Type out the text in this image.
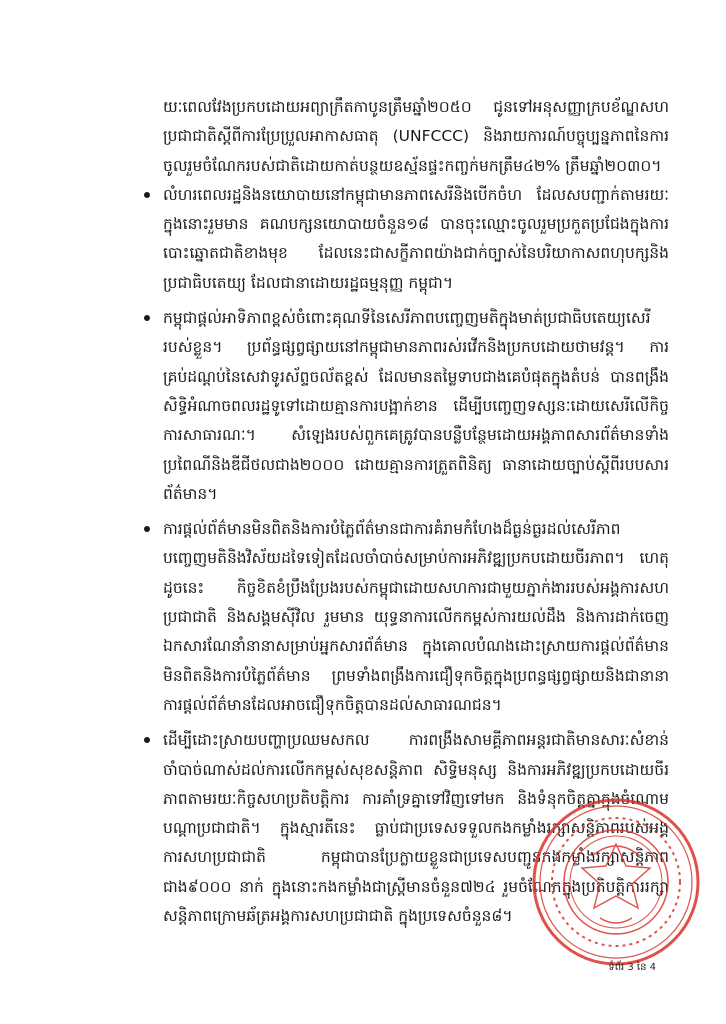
យៈពេលវែងប្រកបដោយអព្យាក្រឹតកាបូនត្រឹមឆ្នាំ២០៥០ ជូនទៅអនុសញ្ញាក្របខ័ណ្ឌសហប្រជាជាតិស្តីពីការប្រែប្រួលអាកាសធាតុ (UNFCCC) និងរាយការណ៍បច្ចុប្បន្នភាពនៃការចូលរួមចំណែករបស់ជាតិដោយកាត់បន្ថយឧស្ម័នផ្ទះកញ្ចក់មកត្រឹម៤២% ត្រឹមឆ្នាំ២០៣០។

លំហរពេលរដ្ឋនិងនយោបាយនៅកម្ពុជាមានភាពសេរីនិងបើកចំហ ដែលសបញ្ជាក់តាមរយៈ ក្នុងនោះរួមមាន គណបក្សនយោបាយចំនួន១៨ បានចុះឈ្មោះចូលរួមប្រកួតប្រជែងក្នុងការបោះឆ្នោតជាតិខាងមុខ ដែលនេះជាសក្ខីភាពយ៉ាងជាក់ច្បាស់នៃបរិយាកាសពហុបក្សនិងប្រជាធិបតេយ្យ ដែលជានាដោយរដ្ឋធម្មនុញ្ញ កម្ពុជា។
កម្ពុជាផ្តល់អាទិភាពខ្ពស់ចំពោះគុណទីនៃសេរីភាពបញ្ចេញមតិក្នុងមាត់ប្រជាធិបតេយ្យសេរីរបស់ខ្លួន។ ប្រព័ន្ធផ្សព្វផ្សាយនៅកម្ពុជាមានភាពរស់រវើកនិងប្រកបដោយថាមវន្ត។ ការគ្រប់ដណ្តប់នៃសេវាទូរស័ព្ទចល័តខ្ពស់ ដែលមានតម្លៃទាបជាងគេបំផុតក្នុងតំបន់ បានពង្រឹងសិទ្ធិអំណាចពលរដ្ឋទូទៅដោយគ្មានការបង្អាក់ខាន ដើម្បីបញ្ចេញទស្សនៈដោយសេរីលើកិច្ចការសាធារណៈ។ សំឡេងរបស់ពួកគេត្រូវបានបន្លឺបន្ថែមដោយអង្គភាពសារព័ត៌មានទាំងប្រពៃណីនិងឌីជីថលជាង២០០០ ដោយគ្មានការត្រួតពិនិត្យ ធានាដោយច្បាប់ស្តីពីរបបសារព័ត៌មាន។
ការផ្តល់ព័ត៌មានមិនពិតនិងការបំភ្លៃព័ត៌មានជាការគំរាមកំហែងដ៏ធ្ងន់ធ្ងរដល់សេរីភាពបញ្ចេញមតិនិងវិស័យដទៃទៀតដែលចាំបាច់សម្រាប់ការអភិវឌ្ឍប្រកបដោយចីរភាព។ ហេតុដូចនេះ កិច្ចខិតខំប្រឹងប្រែងរបស់កម្ពុជាដោយសហការជាមួយភ្នាក់ងាររបស់អង្គការសហប្រជាជាតិ និងសង្គមស៊ីវិល រួមមាន យុទ្ធនាការលើកកម្ពស់ការយល់ដឹង និងការដាក់ចេញឯកសារណែនាំនានាសម្រាប់អ្នកសារព័ត៌មាន ក្នុងគោលបំណងដោះស្រាយការផ្តល់ព័ត៌មានមិនពិតនិងការបំភ្លៃព័ត៌មាន ព្រមទាំងពង្រឹងការជឿទុកចិត្តក្នុងប្រពន្ធផ្សព្វផ្សាយនិងជានានាការផ្តល់ព័ត៌មានដែលអាចជឿទុកចិត្តបានដល់សាធារណជន។
ដើម្បីដោះស្រាយបញ្ហាប្រឈមសកល ការពង្រឹងសាមគ្គីភាពអន្តរជាតិមានសារៈសំខាន់ចាំបាច់ណាស់ដល់ការលើកកម្ពស់សុខសន្តិភាព សិទ្ធិមនុស្ស និងការអភិវឌ្ឍប្រកបដោយចីរភាពតាមរយៈកិច្ចសហប្រតិបត្តិការ ការគាំទ្រគ្នាទៅវិញទៅមក និងទំនុកចិត្តគ្នាក្នុងចំណោមបណ្តាប្រជាជាតិ។ ក្នុងស្មារតីនេះ ធ្លាប់ជាប្រទេសទទួលកងកម្លាំងរក្សាសន្តិភាពរបស់អង្គការសហប្រជាជាតិ កម្ពុជាបានប្រែក្លាយខ្លួនជាប្រទេសបញ្ជូនកងកម្លាំងរក្សាសន្តិភាពជាង៩០០០ នាក់ ក្នុងនោះកងកម្លាំងជាស្ត្រីមានចំនួន៧២៤ រួមចំណែកក្នុងប្រតិបត្តិការរក្សាសន្តិភាពក្រោមឆ័ត្រអង្គការសហប្រជាជាតិ ក្នុងប្រទេសចំនួន៨។
ទំព័រ 3 នៃ 4
